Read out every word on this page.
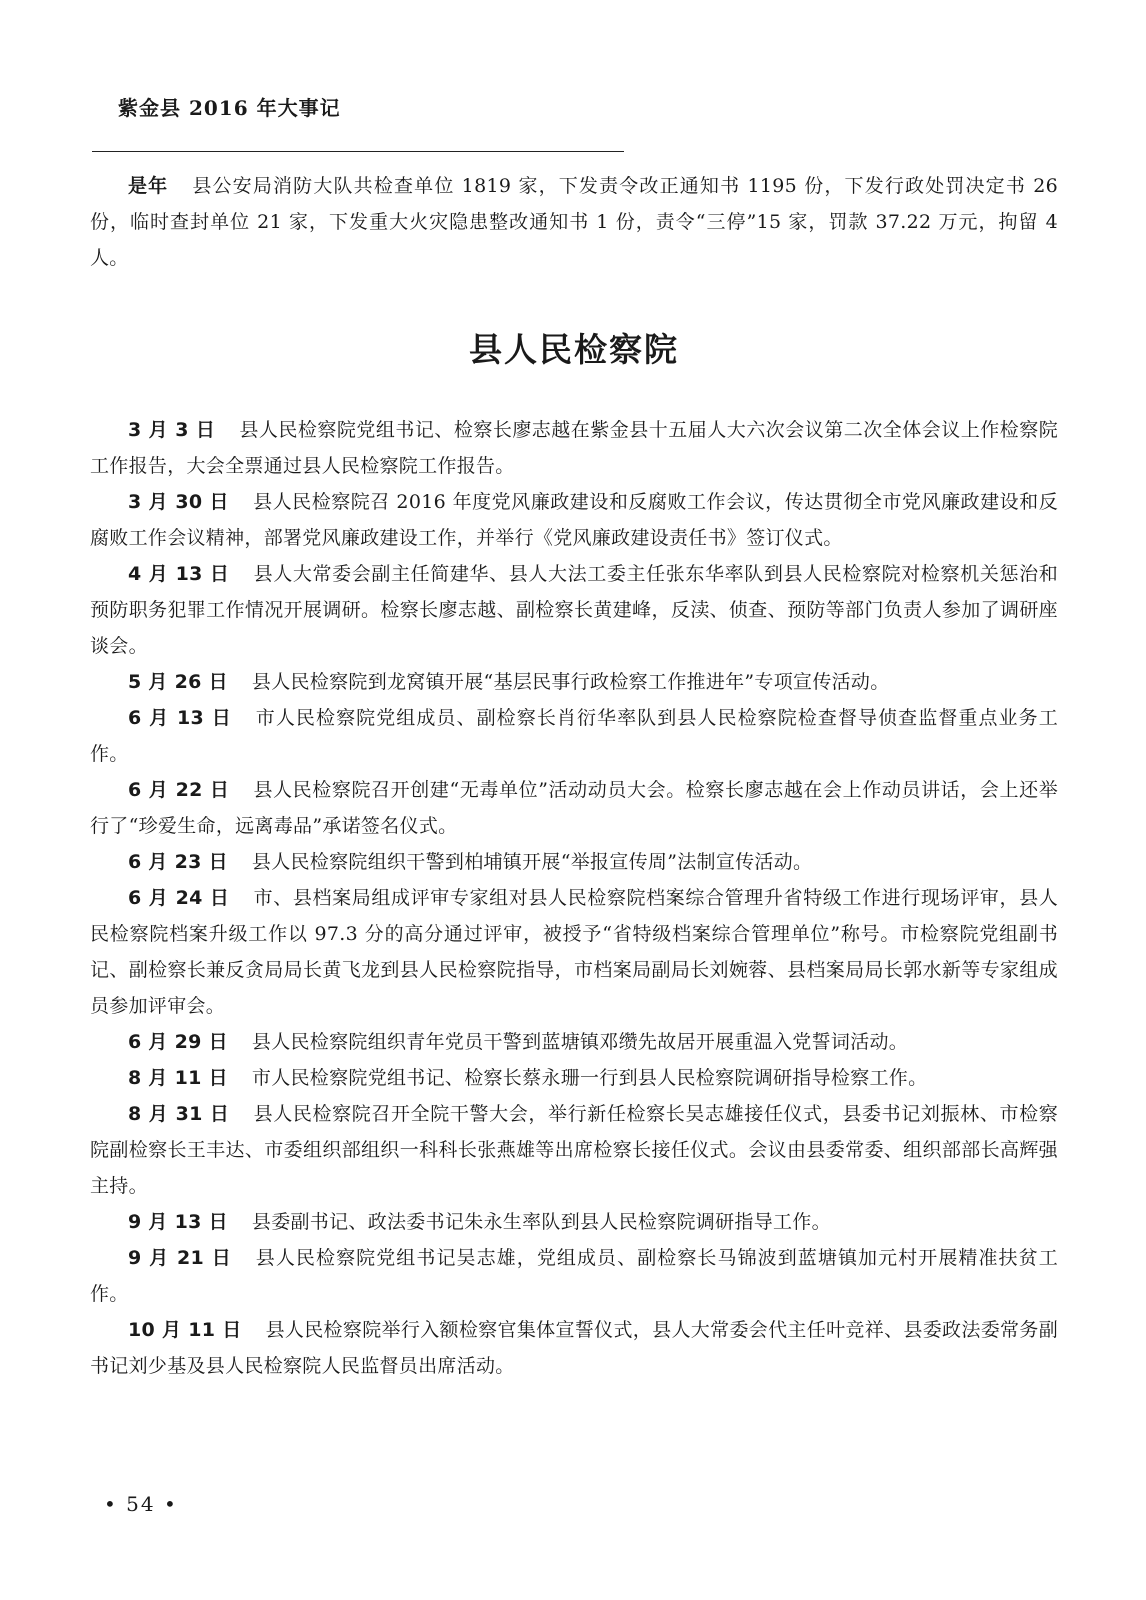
紫金县 2016 年大事记

是年 县公安局消防大队共检查单位 1819 家，下发责令改正通知书 1195 份，下发行政处罚决定书 26 份，临时查封单位 21 家，下发重大火灾隐患整改通知书 1 份，责令“三停”15 家，罚款 37.22 万元，拘留 4 人。

县人民检察院

3 月 3 日 县人民检察院党组书记、检察长廖志越在紫金县十五届人大六次会议第二次全体会议上作检察院工作报告，大会全票通过县人民检察院工作报告。

3 月 30 日 县人民检察院召 2016 年度党风廉政建设和反腐败工作会议，传达贯彻全市党风廉政建设和反腐败工作会议精神，部署党风廉政建设工作，并举行《党风廉政建设责任书》签订仪式。

4 月 13 日 县人大常委会副主任简建华、县人大法工委主任张东华率队到县人民检察院对检察机关惩治和预防职务犯罪工作情况开展调研。检察长廖志越、副检察长黄建峰，反渎、侦查、预防等部门负责人参加了调研座谈会。

5 月 26 日 县人民检察院到龙窝镇开展“基层民事行政检察工作推进年”专项宣传活动。

6 月 13 日 市人民检察院党组成员、副检察长肖衍华率队到县人民检察院检查督导侦查监督重点业务工作。

6 月 22 日 县人民检察院召开创建“无毒单位”活动动员大会。检察长廖志越在会上作动员讲话，会上还举行了“珍爱生命，远离毒品”承诺签名仪式。

6 月 23 日 县人民检察院组织干警到柏埔镇开展“举报宣传周”法制宣传活动。

6 月 24 日 市、县档案局组成评审专家组对县人民检察院档案综合管理升省特级工作进行现场评审，县人民检察院档案升级工作以 97.3 分的高分通过评审，被授予“省特级档案综合管理单位”称号。市检察院党组副书记、副检察长兼反贪局局长黄飞龙到县人民检察院指导，市档案局副局长刘婉蓉、县档案局局长郭水新等专家组成员参加评审会。

6 月 29 日 县人民检察院组织青年党员干警到蓝塘镇邓缵先故居开展重温入党誓词活动。

8 月 11 日 市人民检察院党组书记、检察长蔡永珊一行到县人民检察院调研指导检察工作。

8 月 31 日 县人民检察院召开全院干警大会，举行新任检察长吴志雄接任仪式，县委书记刘振林、市检察院副检察长王丰达、市委组织部组织一科科长张燕雄等出席检察长接任仪式。会议由县委常委、组织部部长高辉强主持。

9 月 13 日 县委副书记、政法委书记朱永生率队到县人民检察院调研指导工作。

9 月 21 日 县人民检察院党组书记吴志雄，党组成员、副检察长马锦波到蓝塘镇加元村开展精准扶贫工作。

10 月 11 日 县人民检察院举行入额检察官集体宣誓仪式，县人大常委会代主任叶竞祥、县委政法委常务副书记刘少基及县人民检察院人民监督员出席活动。

• 54 •
